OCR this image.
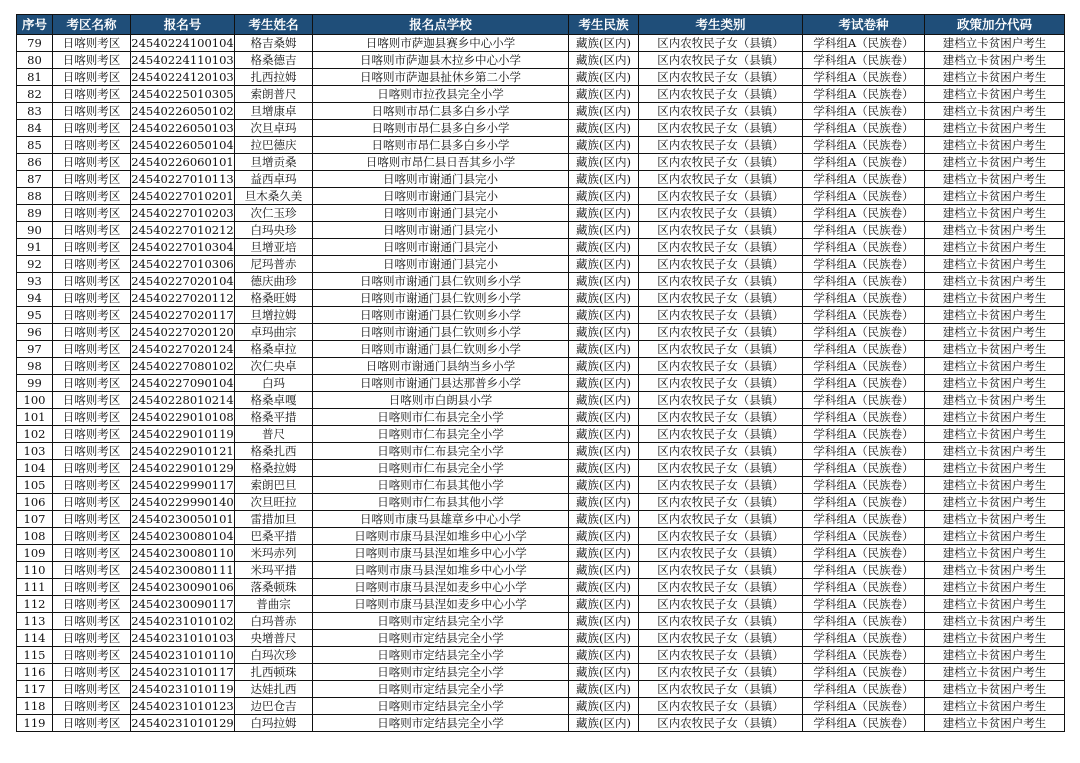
序号	考区名称	报名号	考生姓名	报名点学校	考生民族	考生类别	考试卷种	政策加分代码
79	日喀则考区	24540224100104	格吉桑姆	日喀则市萨迦县赛乡中心小学	藏族(区内)	区内农牧民子女（县镇）	学科组A（民族卷）	建档立卡贫困户考生
80	日喀则考区	24540224110103	格桑德吉	日喀则市萨迦县木拉乡中心小学	藏族(区内)	区内农牧民子女（县镇）	学科组A（民族卷）	建档立卡贫困户考生
81	日喀则考区	24540224120103	扎西拉姆	日喀则市萨迦县扯休乡第二小学	藏族(区内)	区内农牧民子女（县镇）	学科组A（民族卷）	建档立卡贫困户考生
82	日喀则考区	24540225010305	索朗普尺	日喀则市拉孜县完全小学	藏族(区内)	区内农牧民子女（县镇）	学科组A（民族卷）	建档立卡贫困户考生
83	日喀则考区	24540226050102	旦增康卓	日喀则市昂仁县多白乡小学	藏族(区内)	区内农牧民子女（县镇）	学科组A（民族卷）	建档立卡贫困户考生
84	日喀则考区	24540226050103	次旦卓玛	日喀则市昂仁县多白乡小学	藏族(区内)	区内农牧民子女（县镇）	学科组A（民族卷）	建档立卡贫困户考生
85	日喀则考区	24540226050104	拉巴德庆	日喀则市昂仁县多白乡小学	藏族(区内)	区内农牧民子女（县镇）	学科组A（民族卷）	建档立卡贫困户考生
86	日喀则考区	24540226060101	旦增贡桑	日喀则市昂仁县日吾其乡小学	藏族(区内)	区内农牧民子女（县镇）	学科组A（民族卷）	建档立卡贫困户考生
87	日喀则考区	24540227010113	益西卓玛	日喀则市谢通门县完小	藏族(区内)	区内农牧民子女（县镇）	学科组A（民族卷）	建档立卡贫困户考生
88	日喀则考区	24540227010201	旦木桑久美	日喀则市谢通门县完小	藏族(区内)	区内农牧民子女（县镇）	学科组A（民族卷）	建档立卡贫困户考生
89	日喀则考区	24540227010203	次仁玉珍	日喀则市谢通门县完小	藏族(区内)	区内农牧民子女（县镇）	学科组A（民族卷）	建档立卡贫困户考生
90	日喀则考区	24540227010212	白玛央珍	日喀则市谢通门县完小	藏族(区内)	区内农牧民子女（县镇）	学科组A（民族卷）	建档立卡贫困户考生
91	日喀则考区	24540227010304	旦增亚培	日喀则市谢通门县完小	藏族(区内)	区内农牧民子女（县镇）	学科组A（民族卷）	建档立卡贫困户考生
92	日喀则考区	24540227010306	尼玛普赤	日喀则市谢通门县完小	藏族(区内)	区内农牧民子女（县镇）	学科组A（民族卷）	建档立卡贫困户考生
93	日喀则考区	24540227020104	德庆曲珍	日喀则市谢通门县仁钦则乡小学	藏族(区内)	区内农牧民子女（县镇）	学科组A（民族卷）	建档立卡贫困户考生
94	日喀则考区	24540227020112	格桑旺姆	日喀则市谢通门县仁钦则乡小学	藏族(区内)	区内农牧民子女（县镇）	学科组A（民族卷）	建档立卡贫困户考生
95	日喀则考区	24540227020117	旦增拉姆	日喀则市谢通门县仁钦则乡小学	藏族(区内)	区内农牧民子女（县镇）	学科组A（民族卷）	建档立卡贫困户考生
96	日喀则考区	24540227020120	卓玛曲宗	日喀则市谢通门县仁钦则乡小学	藏族(区内)	区内农牧民子女（县镇）	学科组A（民族卷）	建档立卡贫困户考生
97	日喀则考区	24540227020124	格桑卓拉	日喀则市谢通门县仁钦则乡小学	藏族(区内)	区内农牧民子女（县镇）	学科组A（民族卷）	建档立卡贫困户考生
98	日喀则考区	24540227080102	次仁央卓	日喀则市谢通门县纳当乡小学	藏族(区内)	区内农牧民子女（县镇）	学科组A（民族卷）	建档立卡贫困户考生
99	日喀则考区	24540227090104	白玛	日喀则市谢通门县达那普乡小学	藏族(区内)	区内农牧民子女（县镇）	学科组A（民族卷）	建档立卡贫困户考生
100	日喀则考区	24540228010214	格桑卓嘎	日喀则市白朗县小学	藏族(区内)	区内农牧民子女（县镇）	学科组A（民族卷）	建档立卡贫困户考生
101	日喀则考区	24540229010108	格桑平措	日喀则市仁布县完全小学	藏族(区内)	区内农牧民子女（县镇）	学科组A（民族卷）	建档立卡贫困户考生
102	日喀则考区	24540229010119	普尺	日喀则市仁布县完全小学	藏族(区内)	区内农牧民子女（县镇）	学科组A（民族卷）	建档立卡贫困户考生
103	日喀则考区	24540229010121	格桑扎西	日喀则市仁布县完全小学	藏族(区内)	区内农牧民子女（县镇）	学科组A（民族卷）	建档立卡贫困户考生
104	日喀则考区	24540229010129	格桑拉姆	日喀则市仁布县完全小学	藏族(区内)	区内农牧民子女（县镇）	学科组A（民族卷）	建档立卡贫困户考生
105	日喀则考区	24540229990117	索朗巴旦	日喀则市仁布县其他小学	藏族(区内)	区内农牧民子女（县镇）	学科组A（民族卷）	建档立卡贫困户考生
106	日喀则考区	24540229990140	次旦旺拉	日喀则市仁布县其他小学	藏族(区内)	区内农牧民子女（县镇）	学科组A（民族卷）	建档立卡贫困户考生
107	日喀则考区	24540230050101	雷措加旦	日喀则市康马县雄章乡中心小学	藏族(区内)	区内农牧民子女（县镇）	学科组A（民族卷）	建档立卡贫困户考生
108	日喀则考区	24540230080104	巴桑平措	日喀则市康马县涅如堆乡中心小学	藏族(区内)	区内农牧民子女（县镇）	学科组A（民族卷）	建档立卡贫困户考生
109	日喀则考区	24540230080110	米玛赤列	日喀则市康马县涅如堆乡中心小学	藏族(区内)	区内农牧民子女（县镇）	学科组A（民族卷）	建档立卡贫困户考生
110	日喀则考区	24540230080111	米玛平措	日喀则市康马县涅如堆乡中心小学	藏族(区内)	区内农牧民子女（县镇）	学科组A（民族卷）	建档立卡贫困户考生
111	日喀则考区	24540230090106	落桑顿珠	日喀则市康马县涅如麦乡中心小学	藏族(区内)	区内农牧民子女（县镇）	学科组A（民族卷）	建档立卡贫困户考生
112	日喀则考区	24540230090117	普曲宗	日喀则市康马县涅如麦乡中心小学	藏族(区内)	区内农牧民子女（县镇）	学科组A（民族卷）	建档立卡贫困户考生
113	日喀则考区	24540231010102	白玛普赤	日喀则市定结县完全小学	藏族(区内)	区内农牧民子女（县镇）	学科组A（民族卷）	建档立卡贫困户考生
114	日喀则考区	24540231010103	央增普尺	日喀则市定结县完全小学	藏族(区内)	区内农牧民子女（县镇）	学科组A（民族卷）	建档立卡贫困户考生
115	日喀则考区	24540231010110	白玛次珍	日喀则市定结县完全小学	藏族(区内)	区内农牧民子女（县镇）	学科组A（民族卷）	建档立卡贫困户考生
116	日喀则考区	24540231010117	扎西顿珠	日喀则市定结县完全小学	藏族(区内)	区内农牧民子女（县镇）	学科组A（民族卷）	建档立卡贫困户考生
117	日喀则考区	24540231010119	达娃扎西	日喀则市定结县完全小学	藏族(区内)	区内农牧民子女（县镇）	学科组A（民族卷）	建档立卡贫困户考生
118	日喀则考区	24540231010123	边巴仓吉	日喀则市定结县完全小学	藏族(区内)	区内农牧民子女（县镇）	学科组A（民族卷）	建档立卡贫困户考生
119	日喀则考区	24540231010129	白玛拉姆	日喀则市定结县完全小学	藏族(区内)	区内农牧民子女（县镇）	学科组A（民族卷）	建档立卡贫困户考生
